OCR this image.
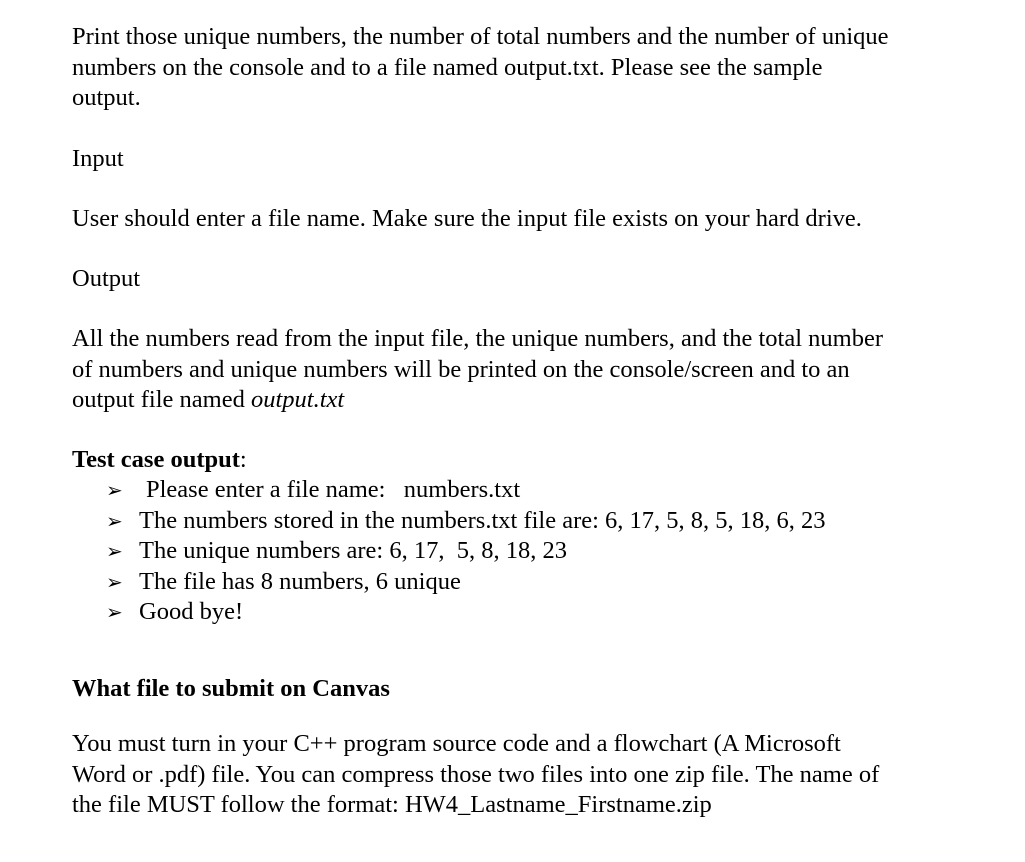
Print those unique numbers, the number of total numbers and the number of unique
numbers on the console and to a file named output.txt. Please see the sample
output.

Input

User should enter a file name. Make sure the input file exists on your hard drive.

Output

All the numbers read from the input file, the unique numbers, and the total number
of numbers and unique numbers will be printed on the console/screen and to an
output file named output.txt

Test case output:

➢ Please enter a file name:   numbers.txt
➢ The numbers stored in the numbers.txt file are: 6, 17, 5, 8, 5, 18, 6, 23
➢ The unique numbers are: 6, 17,  5, 8, 18, 23
➢ The file has 8 numbers, 6 unique
➢ Good bye!

What file to submit on Canvas

You must turn in your C++ program source code and a flowchart (A Microsoft
Word or .pdf) file. You can compress those two files into one zip file. The name of
the file MUST follow the format: HW4_Lastname_Firstname.zip
